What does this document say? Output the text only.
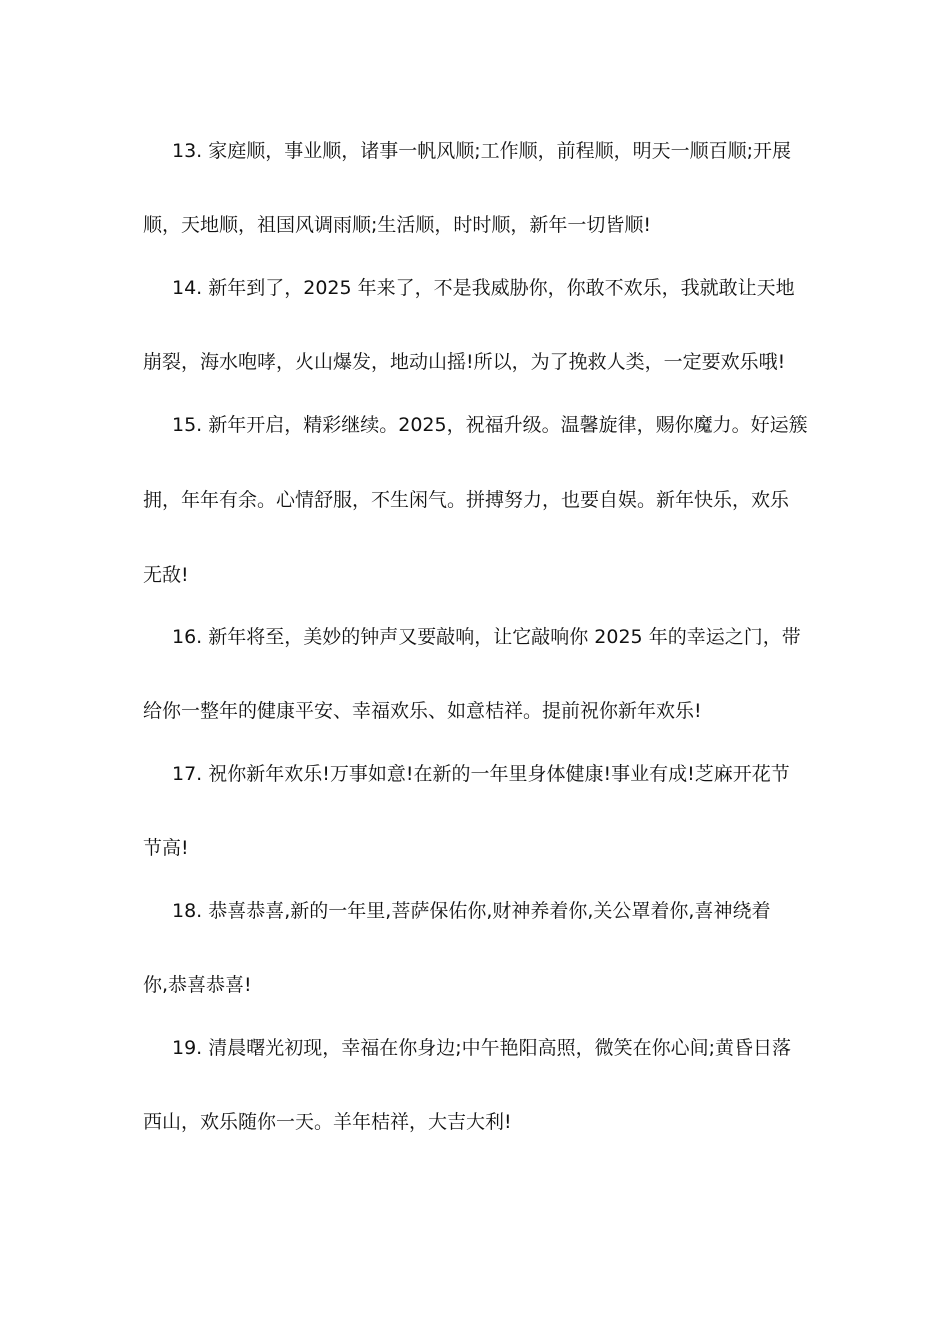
13. 家庭顺，事业顺，诸事一帆风顺;工作顺，前程顺，明天一顺百顺;开展
顺，天地顺，祖国风调雨顺;生活顺，时时顺，新年一切皆顺!
14. 新年到了，2025 年来了，不是我威胁你，你敢不欢乐，我就敢让天地
崩裂，海水咆哮，火山爆发，地动山摇!所以，为了挽救人类，一定要欢乐哦!
15. 新年开启，精彩继续。2025，祝福升级。温馨旋律，赐你魔力。好运簇
拥，年年有余。心情舒服，不生闲气。拼搏努力，也要自娱。新年快乐，欢乐
无敌!
16. 新年将至，美妙的钟声又要敲响，让它敲响你 2025 年的幸运之门，带
给你一整年的健康平安、幸福欢乐、如意桔祥。提前祝你新年欢乐!
17. 祝你新年欢乐!万事如意!在新的一年里身体健康!事业有成!芝麻开花节
节高!
18. 恭喜恭喜,新的一年里,菩萨保佑你,财神养着你,关公罩着你,喜神绕着
你,恭喜恭喜!
19. 清晨曙光初现，幸福在你身边;中午艳阳高照，微笑在你心间;黄昏日落
西山，欢乐随你一天。羊年桔祥，大吉大利!
